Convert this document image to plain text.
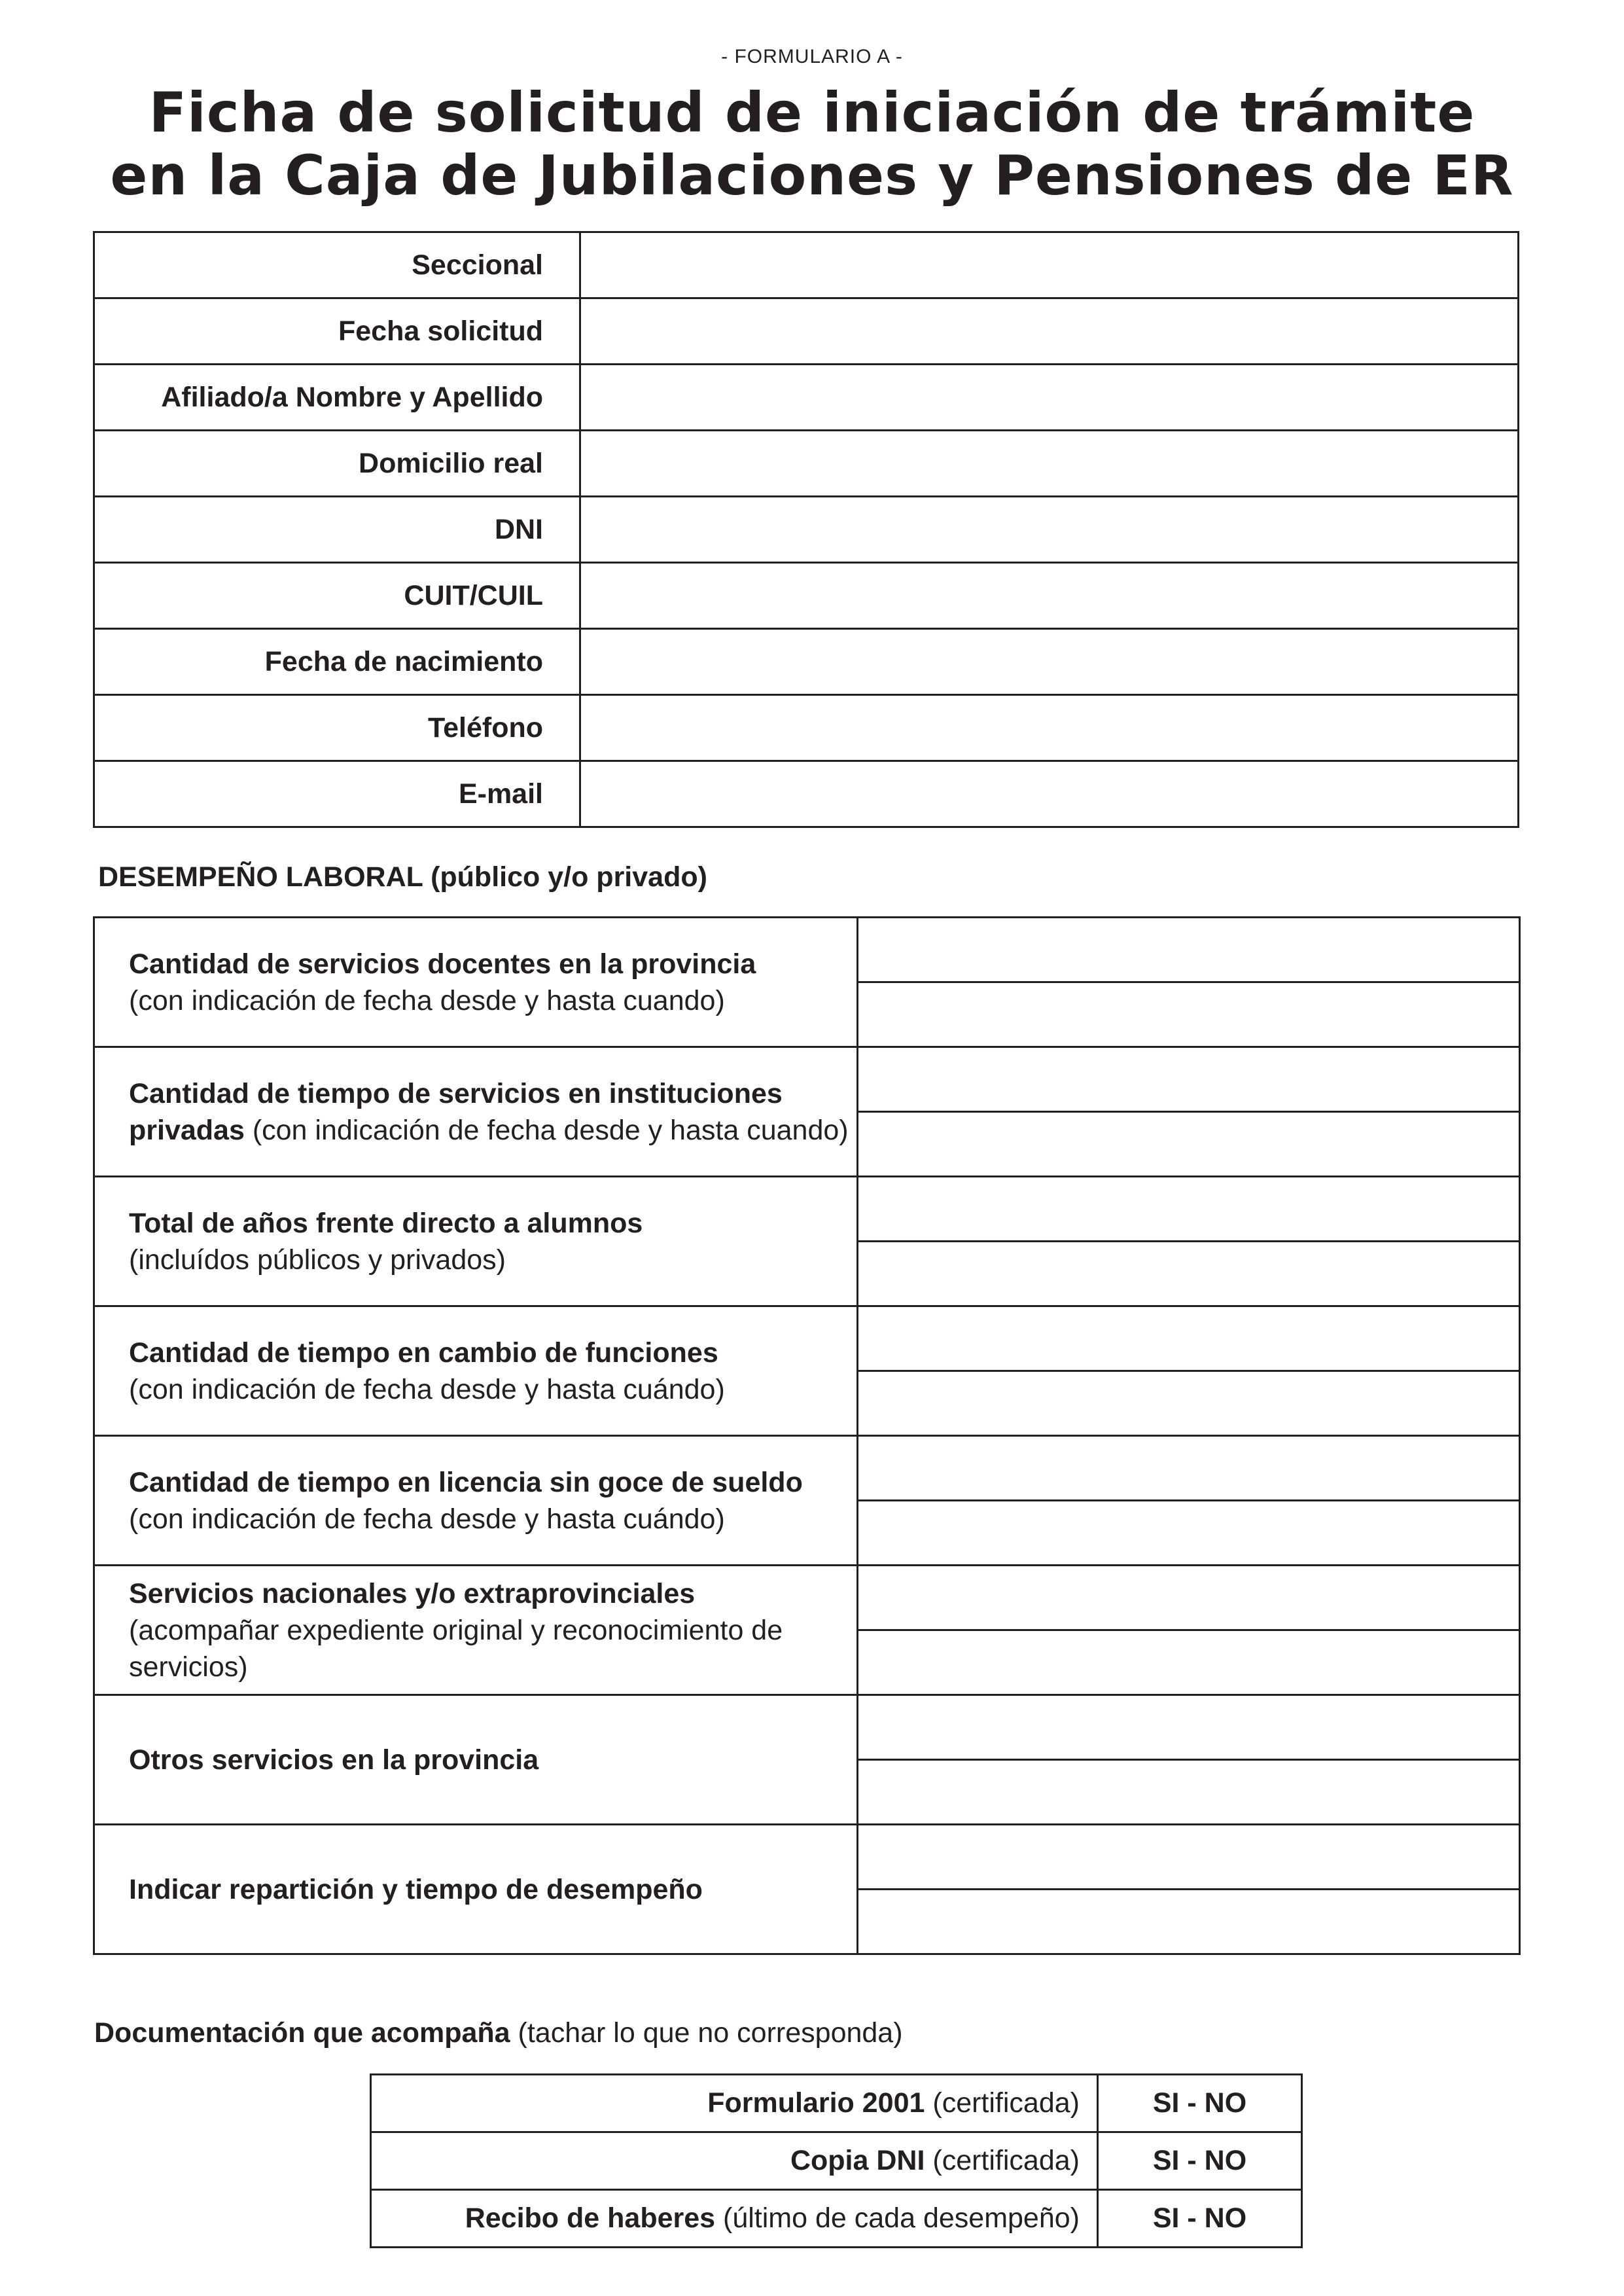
- FORMULARIO A -
Ficha de solicitud de iniciación de trámite
en la Caja de Jubilaciones y Pensiones de ER
Seccional	
Fecha solicitud	
Afiliado/a Nombre y Apellido	
Domicilio real	
DNI	
CUIT/CUIL	
Fecha de nacimiento	
Teléfono	
E-mail	
DESEMPEÑO LABORAL (público y/o privado)
Cantidad de servicios docentes en la provincia
(con indicación de fecha desde y hasta cuando)	

Cantidad de tiempo de servicios en instituciones privadas (con indicación de fecha desde y hasta cuando)	

Total de años frente directo a alumnos
(incluídos públicos y privados)	

Cantidad de tiempo en cambio de funciones
(con indicación de fecha desde y hasta cuándo)	

Cantidad de tiempo en licencia sin goce de sueldo
(con indicación de fecha desde y hasta cuándo)	

Servicios nacionales y/o extraprovinciales
(acompañar expediente original y reconocimiento de servicios)	

Otros servicios en la provincia	

Indicar repartición y tiempo de desempeño	

Documentación que acompaña (tachar lo que no corresponda)
Formulario 2001 (certificada)	SI - NO
Copia DNI (certificada)	SI - NO
Recibo de haberes (último de cada desempeño)	SI - NO
